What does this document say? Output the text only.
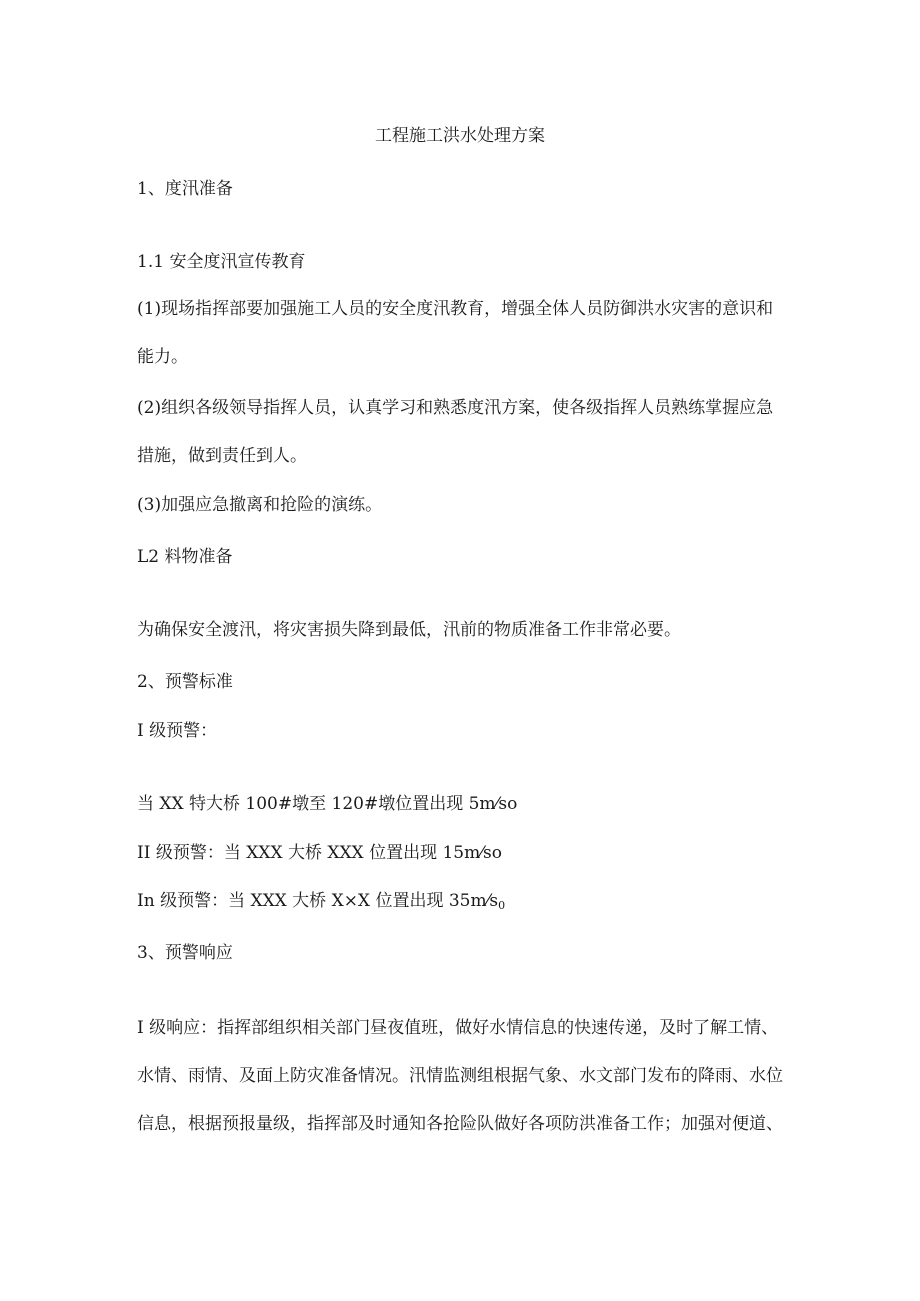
工程施工洪水处理方案
1、度汛准备
1.1 安全度汛宣传教育
(1)现场指挥部要加强施工人员的安全度汛教育，增强全体人员防御洪水灾害的意识和
能力。
(2)组织各级领导指挥人员，认真学习和熟悉度汛方案，使各级指挥人员熟练掌握应急
措施，做到责任到人。
(3)加强应急撤离和抢险的演练。
L2 料物准备
为确保安全渡汛，将灾害损失降到最低，汛前的物质准备工作非常必要。
2、预警标准
I 级预警：
当 XX 特大桥 100#墩至 120#墩位置出现 5m⁄so
II 级预警：当 XXX 大桥 XXX 位置出现 15m⁄so
In 级预警：当 XXX 大桥 X×X 位置出现 35m⁄s0
3、预警响应
I 级响应：指挥部组织相关部门昼夜值班，做好水情信息的快速传递，及时了解工情、
水情、雨情、及面上防灾准备情况。汛情监测组根据气象、水文部门发布的降雨、水位
信息，根据预报量级，指挥部及时通知各抢险队做好各项防洪准备工作；加强对便道、
